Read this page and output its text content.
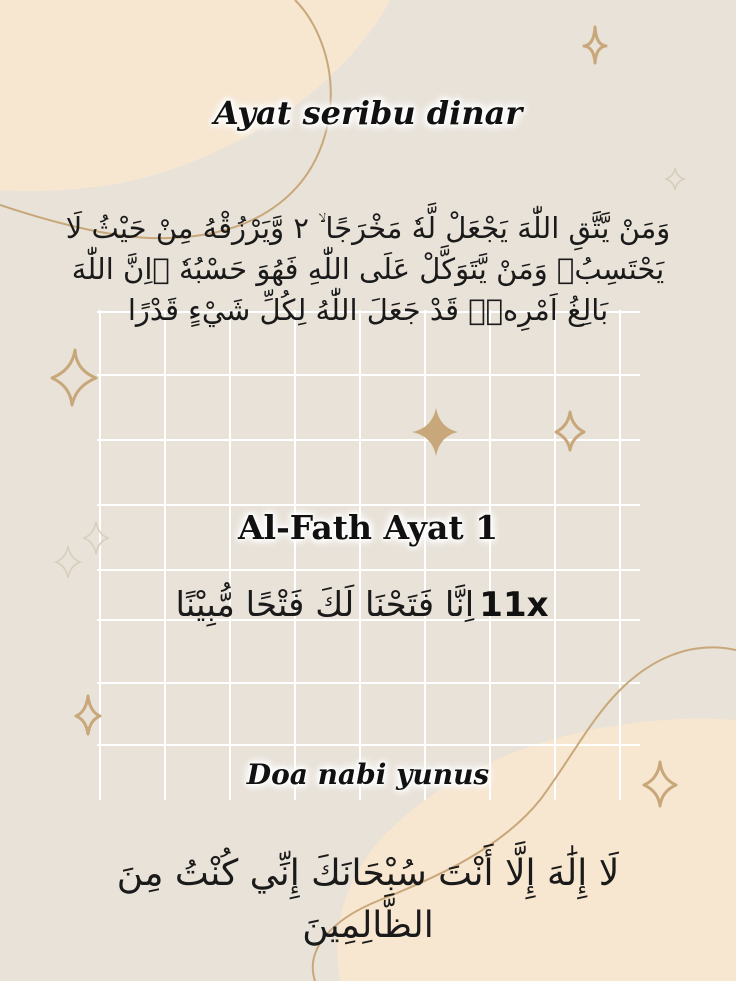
Ayat seribu dinar
وَمَنْ يَّتَّقِ اللّٰهَ يَجْعَلْ لَّهٗ مَخْرَجًا ۙ ٢ وَّيَرْزُقْهُ مِنْ حَيْثُ لَا يَحْتَسِبُۗ وَمَنْ يَّتَوَكَّلْ عَلَى اللّٰهِ فَهُوَ حَسْبُهٗ ۗاِنَّ اللّٰهَ بَالِغُ اَمْرِهٖۗ قَدْ جَعَلَ اللّٰهُ لِكُلِّ شَيْءٍ قَدْرًا
Al-Fath Ayat 1
اِنَّا فَتَحْنَا لَكَ فَتْحًا مُّبِيْنًا 11x
Doa nabi yunus
لَا إِلَٰهَ إِلَّا أَنْتَ سُبْحَانَكَ إِنِّي كُنْتُ مِنَ الظَّالِمِينَ
